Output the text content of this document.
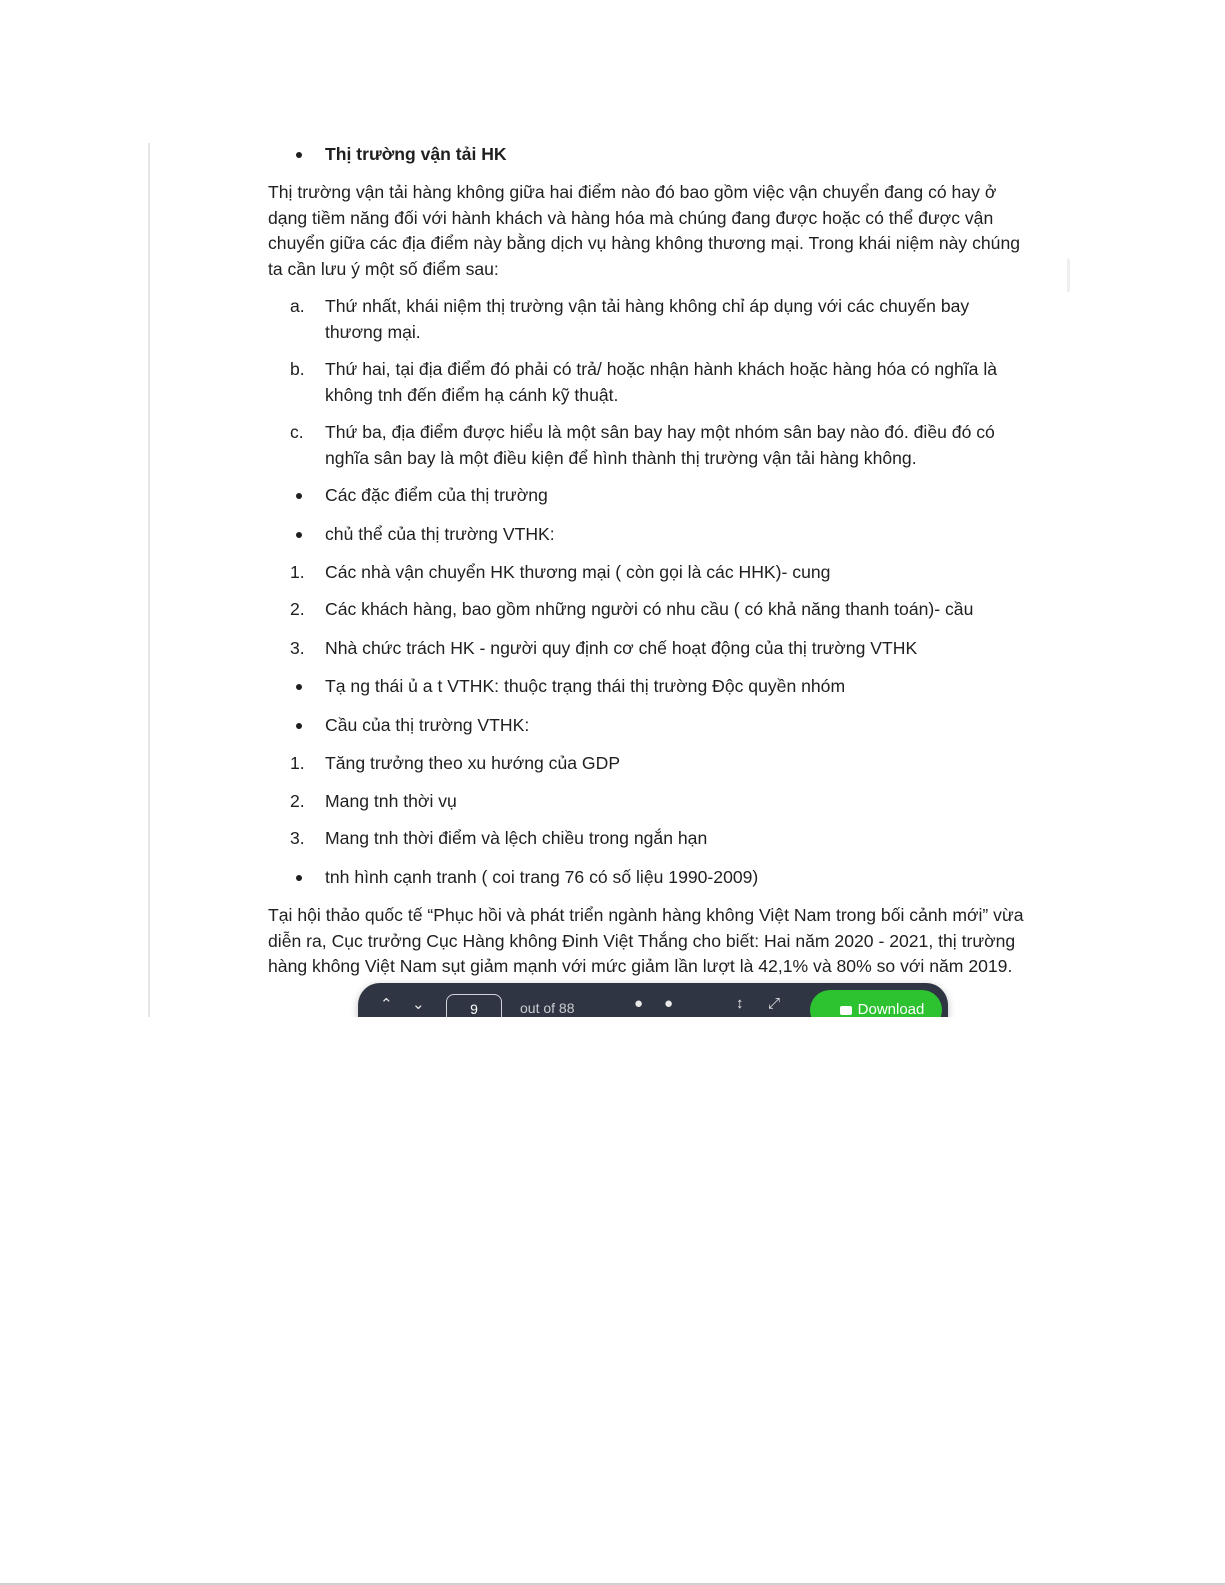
Thị trường vận tải HK

Thị trường vận tải hàng không giữa hai điểm nào đó bao gồm việc vận chuyển đang có hay ở dạng tiềm năng đối với hành khách và hàng hóa mà chúng đang được hoặc có thể được vận chuyển giữa các địa điểm này bằng dịch vụ hàng không thương mại. Trong khái niệm này chúng ta cần lưu ý một số điểm sau:

a. Thứ nhất, khái niệm thị trường vận tải hàng không chỉ áp dụng với các chuyến bay thương mại.
b. Thứ hai, tại địa điểm đó phải có trả/ hoặc nhận hành khách hoặc hàng hóa có nghĩa là không tnh đến điểm hạ cánh kỹ thuật.
c. Thứ ba, địa điểm được hiểu là một sân bay hay một nhóm sân bay nào đó. điều đó có nghĩa sân bay là một điều kiện để hình thành thị trường vận tải hàng không.
Các đặc điểm của thị trường
chủ thể của thị trường VTHK:
1. Các nhà vận chuyển HK thương mại ( còn gọi là các HHK)- cung
2. Các khách hàng, bao gồm những người có nhu cầu ( có khả năng thanh toán)- cầu
3. Nhà chức trách HK - người quy định cơ chế hoạt động của thị trường VTHK
Tạ ng thái ủ a t VTHK: thuộc trạng thái thị trường Độc quyền nhóm
Cầu của thị trường VTHK:
1. Tăng trưởng theo xu hướng của GDP
2. Mang tnh thời vụ
3. Mang tnh thời điểm và lệch chiều trong ngắn hạn
tnh hình cạnh tranh ( coi trang 76 có số liệu 1990-2009)

Tại hội thảo quốc tế “Phục hồi và phát triển ngành hàng không Việt Nam trong bối cảnh mới” vừa diễn ra, Cục trưởng Cục Hàng không Đinh Việt Thắng cho biết: Hai năm 2020 - 2021, thị trường hàng không Việt Nam sụt giảm mạnh với mức giảm lần lượt là 42,1% và 80% so với năm 2019.

⌃ ⌄
9	out of 88	● ●	↕ ⤢	Download
